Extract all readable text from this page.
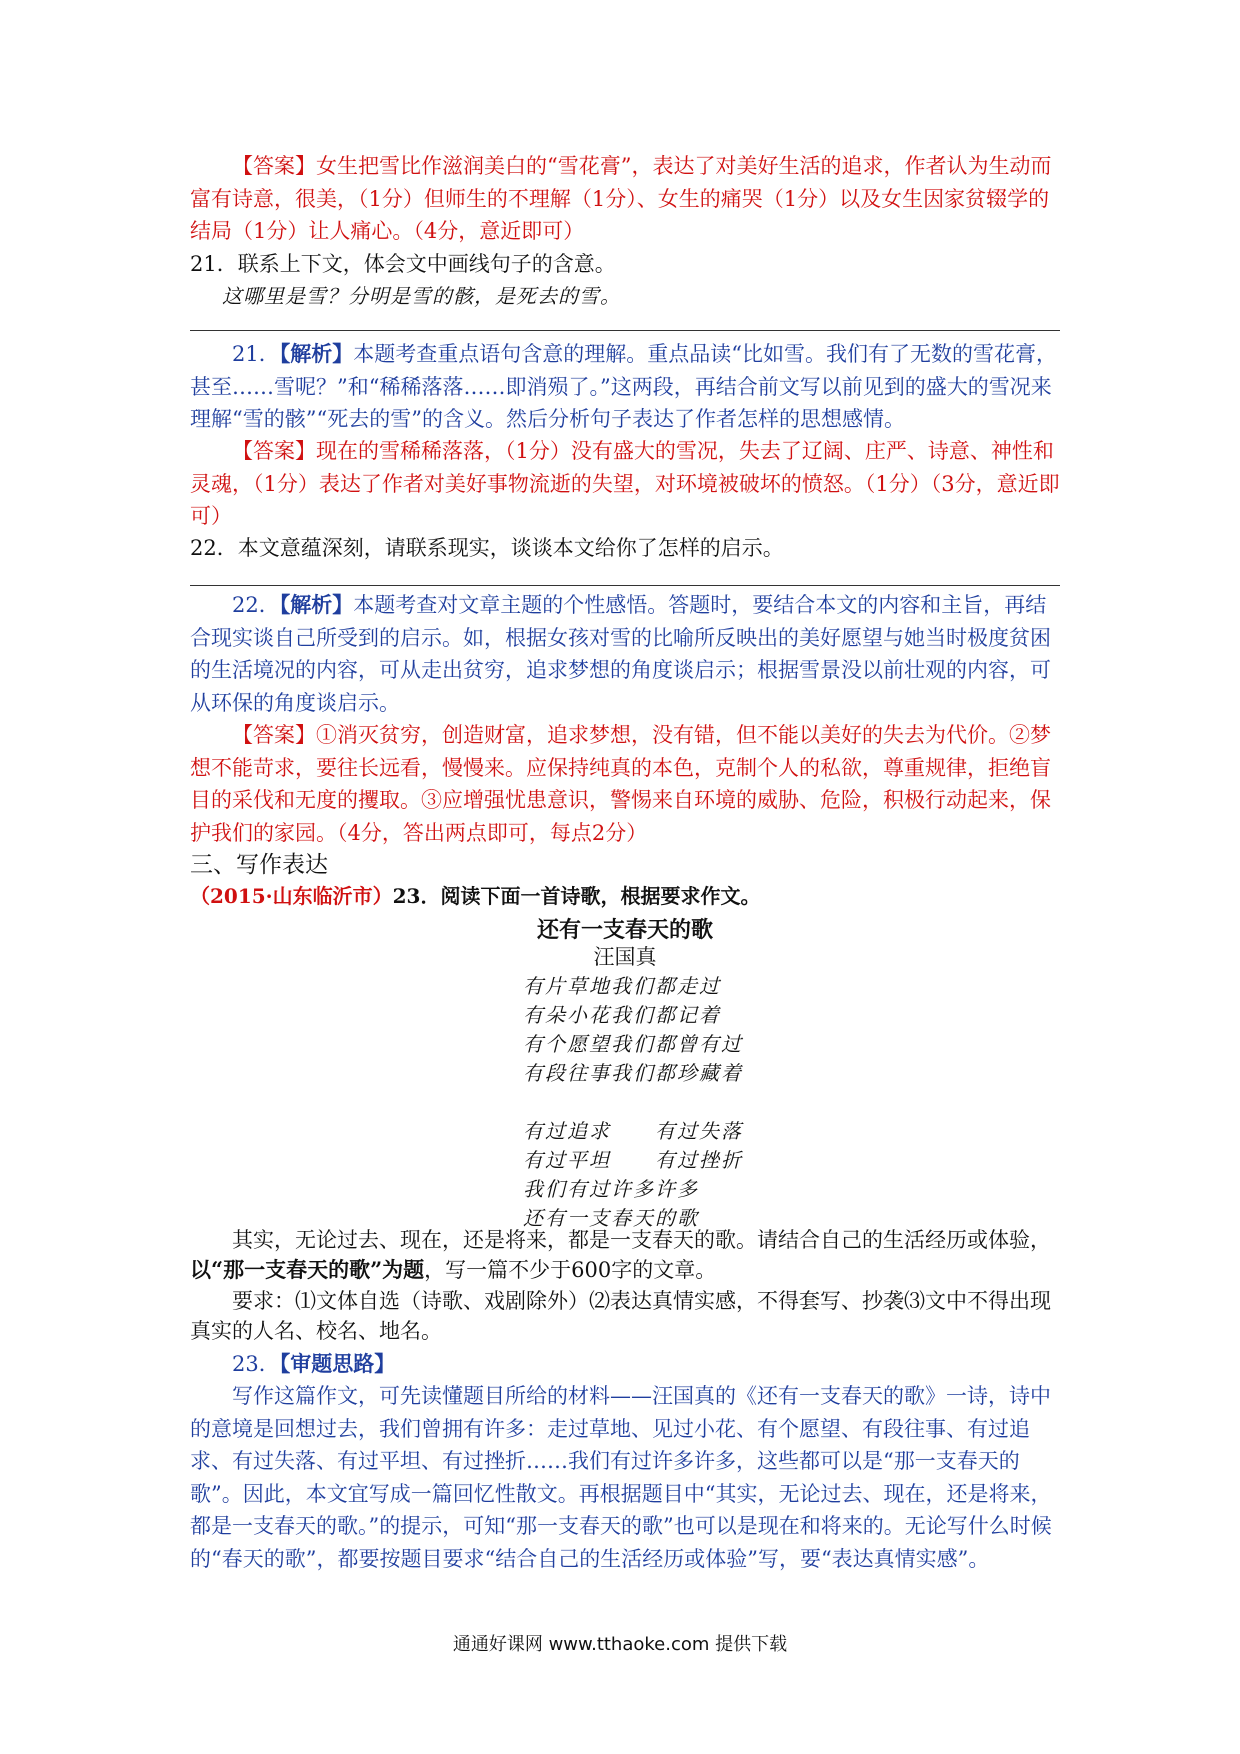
【答案】女生把雪比作滋润美白的“雪花膏”，表达了对美好生活的追求，作者认为生动而富有诗意，很美，（1分）但师生的不理解（1分）、女生的痛哭（1分）以及女生因家贫辍学的结局（1分）让人痛心。（4分，意近即可）
21．联系上下文，体会文中画线句子的含意。
这哪里是雪？分明是雪的骸，是死去的雪。
21．【解析】本题考查重点语句含意的理解。重点品读“比如雪。我们有了无数的雪花膏，甚至……雪呢？”和“稀稀落落……即消殒了。”这两段，再结合前文写以前见到的盛大的雪况来理解“雪的骸”“死去的雪”的含义。然后分析句子表达了作者怎样的思想感情。
【答案】现在的雪稀稀落落，（1分）没有盛大的雪况，失去了辽阔、庄严、诗意、神性和灵魂，（1分）表达了作者对美好事物流逝的失望，对环境被破坏的愤怒。（1分）（3分，意近即可）
22．本文意蕴深刻，请联系现实，谈谈本文给你了怎样的启示。
22．【解析】本题考查对文章主题的个性感悟。答题时，要结合本文的内容和主旨，再结合现实谈自己所受到的启示。如，根据女孩对雪的比喻所反映出的美好愿望与她当时极度贫困的生活境况的内容，可从走出贫穷，追求梦想的角度谈启示；根据雪景没以前壮观的内容，可从环保的角度谈启示。
【答案】①消灭贫穷，创造财富，追求梦想，没有错，但不能以美好的失去为代价。②梦想不能苛求，要往长远看，慢慢来。应保持纯真的本色，克制个人的私欲，尊重规律，拒绝盲目的采伐和无度的攫取。③应增强忧患意识，警惕来自环境的威胁、危险，积极行动起来，保护我们的家园。（4分，答出两点即可，每点2分）
三、写作表达
（2015·山东临沂市）23．阅读下面一首诗歌，根据要求作文。
还有一支春天的歌
汪国真
有片草地我们都走过
有朵小花我们都记着
有个愿望我们都曾有过
有段往事我们都珍藏着
有过追求　　有过失落
有过平坦　　有过挫折
我们有过许多许多
还有一支春天的歌
其实，无论过去、现在，还是将来，都是一支春天的歌。请结合自己的生活经历或体验，以“那一支春天的歌”为题，写一篇不少于600字的文章。
要求：⑴文体自选（诗歌、戏剧除外）⑵表达真情实感，不得套写、抄袭⑶文中不得出现真实的人名、校名、地名。
23．【审题思路】
写作这篇作文，可先读懂题目所给的材料——汪国真的《还有一支春天的歌》一诗，诗中的意境是回想过去，我们曾拥有许多：走过草地、见过小花、有个愿望、有段往事、有过追求、有过失落、有过平坦、有过挫折……我们有过许多许多，这些都可以是“那一支春天的歌”。因此，本文宜写成一篇回忆性散文。再根据题目中“其实，无论过去、现在，还是将来，都是一支春天的歌。”的提示，可知“那一支春天的歌”也可以是现在和将来的。无论写什么时候的“春天的歌”，都要按题目要求“结合自己的生活经历或体验”写，要“表达真情实感”。
通通好课网 www.tthaoke.com 提供下载
